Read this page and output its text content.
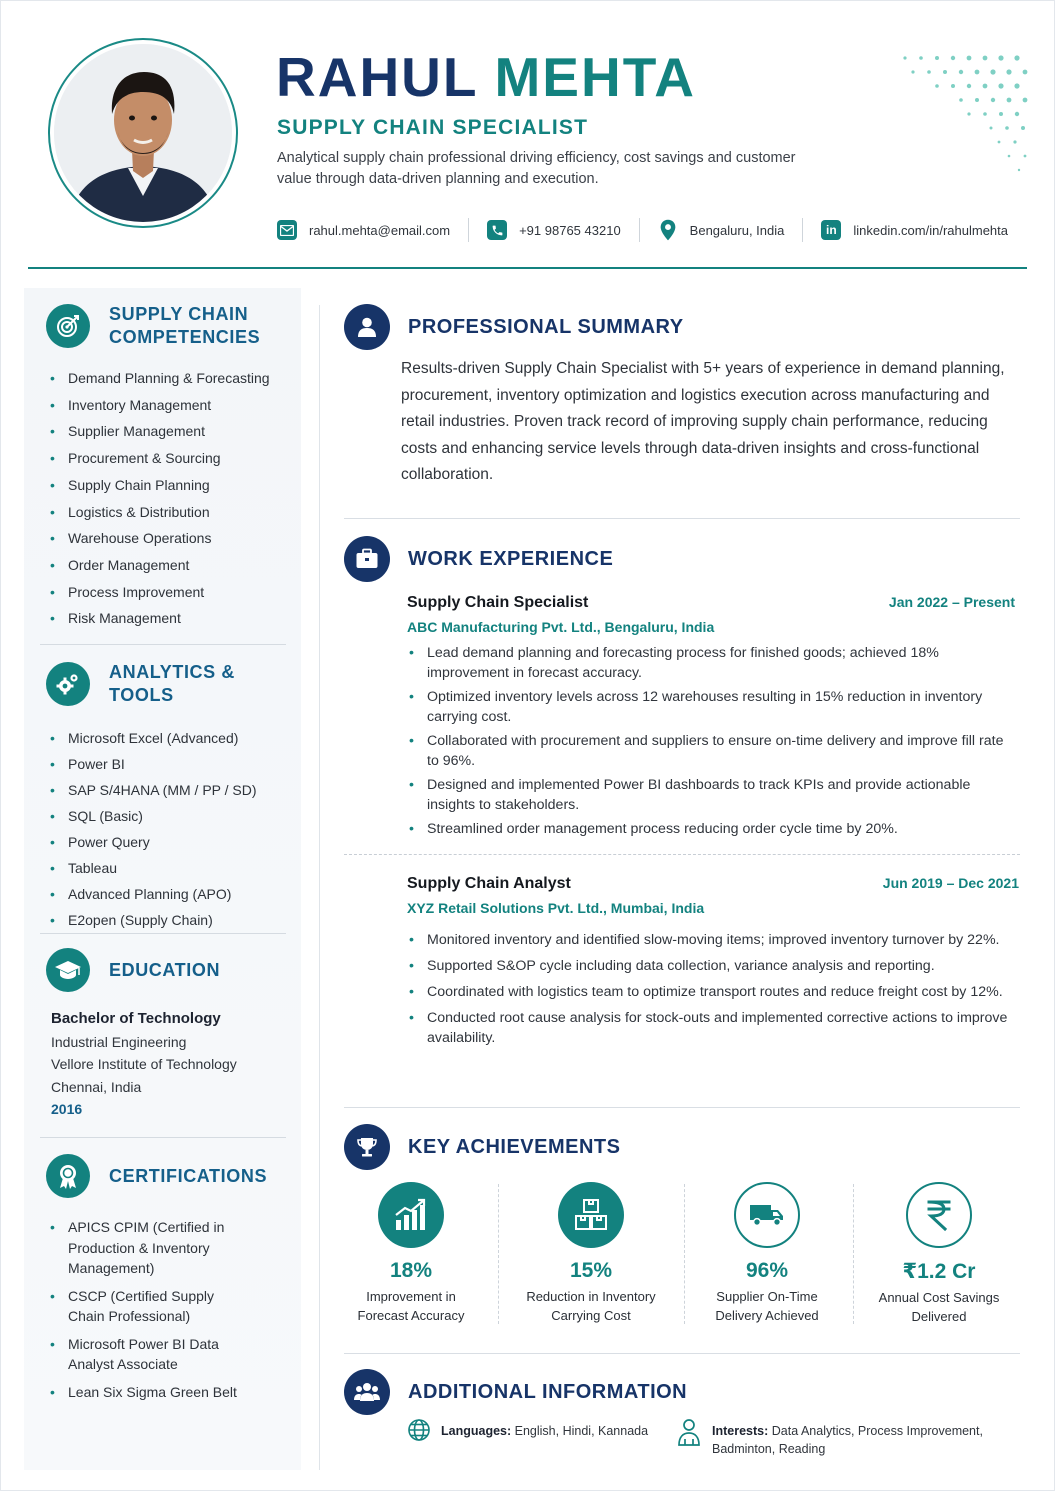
RAHUL MEHTA
SUPPLY CHAIN SPECIALIST
Analytical supply chain professional driving efficiency, cost savings and customer value through data-driven planning and execution.
rahul.mehta@email.com	+91 98765 43210	Bengaluru, India	in	linkedin.com/in/rahulmehta
SUPPLY CHAIN
COMPETENCIES
• Demand Planning & Forecasting
• Inventory Management
• Supplier Management
• Procurement & Sourcing
• Supply Chain Planning
• Logistics & Distribution
• Warehouse Operations
• Order Management
• Process Improvement
• Risk Management
ANALYTICS & TOOLS
• Microsoft Excel (Advanced)
• Power BI
• SAP S/4HANA (MM / PP / SD)
• SQL (Basic)
• Power Query
• Tableau
• Advanced Planning (APO)
• E2open (Supply Chain)
EDUCATION
Bachelor of Technology
Industrial Engineering
Vellore Institute of Technology
Chennai, India
2016
CERTIFICATIONS
• APICS CPIM (Certified in Production & Inventory Management)
• CSCP (Certified Supply Chain Professional)
• Microsoft Power BI Data Analyst Associate
• Lean Six Sigma Green Belt
PROFESSIONAL SUMMARY
Results-driven Supply Chain Specialist with 5+ years of experience in demand planning, procurement, inventory optimization and logistics execution across manufacturing and retail industries. Proven track record of improving supply chain performance, reducing costs and enhancing service levels through data-driven insights and cross-functional collaboration.
WORK EXPERIENCE
Supply Chain Specialist	Jan 2022 – Present
ABC Manufacturing Pvt. Ltd., Bengaluru, India
• Lead demand planning and forecasting process for finished goods; achieved 18% improvement in forecast accuracy.
• Optimized inventory levels across 12 warehouses resulting in 15% reduction in inventory carrying cost.
• Collaborated with procurement and suppliers to ensure on-time delivery and improve fill rate to 96%.
• Designed and implemented Power BI dashboards to track KPIs and provide actionable insights to stakeholders.
• Streamlined order management process reducing order cycle time by 20%.
Supply Chain Analyst	Jun 2019 – Dec 2021
XYZ Retail Solutions Pvt. Ltd., Mumbai, India
• Monitored inventory and identified slow-moving items; improved inventory turnover by 22%.
• Supported S&OP cycle including data collection, variance analysis and reporting.
• Coordinated with logistics team to optimize transport routes and reduce freight cost by 12%.
• Conducted root cause analysis for stock-outs and implemented corrective actions to improve availability.
KEY ACHIEVEMENTS
18%
Improvement in
Forecast Accuracy
15%
Reduction in Inventory
Carrying Cost
96%
Supplier On-Time
Delivery Achieved
₹1.2 Cr
Annual Cost Savings
Delivered
ADDITIONAL INFORMATION
Languages: English, Hindi, Kannada	Interests: Data Analytics, Process Improvement,
Badminton, Reading
